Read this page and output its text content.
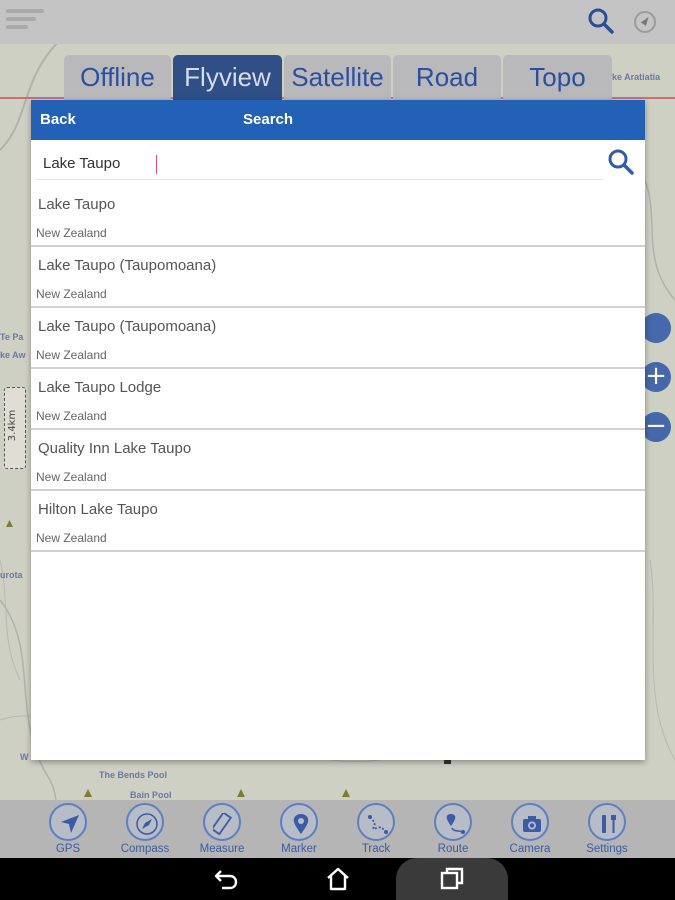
Te Pa
ke Aw
urota
W
The Bends Pool
Bain Pool
ke Aratiatia
Offline	Flyview Satellite	Road	Topo
+
−
3.4km
Back	Search
Lake Taupo
Lake Taupo
New Zealand
Lake Taupo (Taupomoana)
New Zealand
Lake Taupo (Taupomoana)
New Zealand
Lake Taupo Lodge
New Zealand
Quality Inn Lake Taupo
New Zealand
Hilton Lake Taupo
New Zealand
GPS	Compass	Measure	Marker	Track	Route	Camera	Settings
